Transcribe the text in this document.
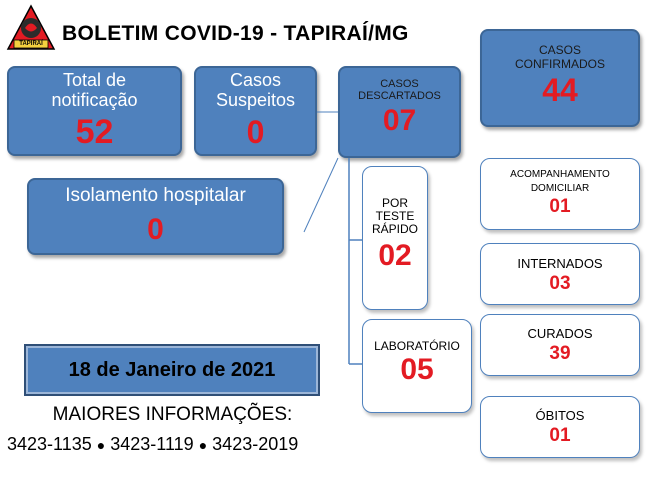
TAPIRAÍ BOLETIM COVID-19 - TAPIRAÍ/MG
Total de
notificação
52
Casos
Suspeitos
0
CASOS
DESCARTADOS
07
CASOS
CONFIRMADOS
44
Isolamento hospitalar
0
POR
TESTE
RÁPIDO
02
LABORATÓRIO
05
ACOMPANHAMENTO
DOMICILIAR
01
INTERNADOS
03
CURADOS
39
ÓBITOS
01
18 de Janeiro de 2021
MAIORES INFORMAÇÕES:
3423-1135 ● 3423-1119 ● 3423-2019
